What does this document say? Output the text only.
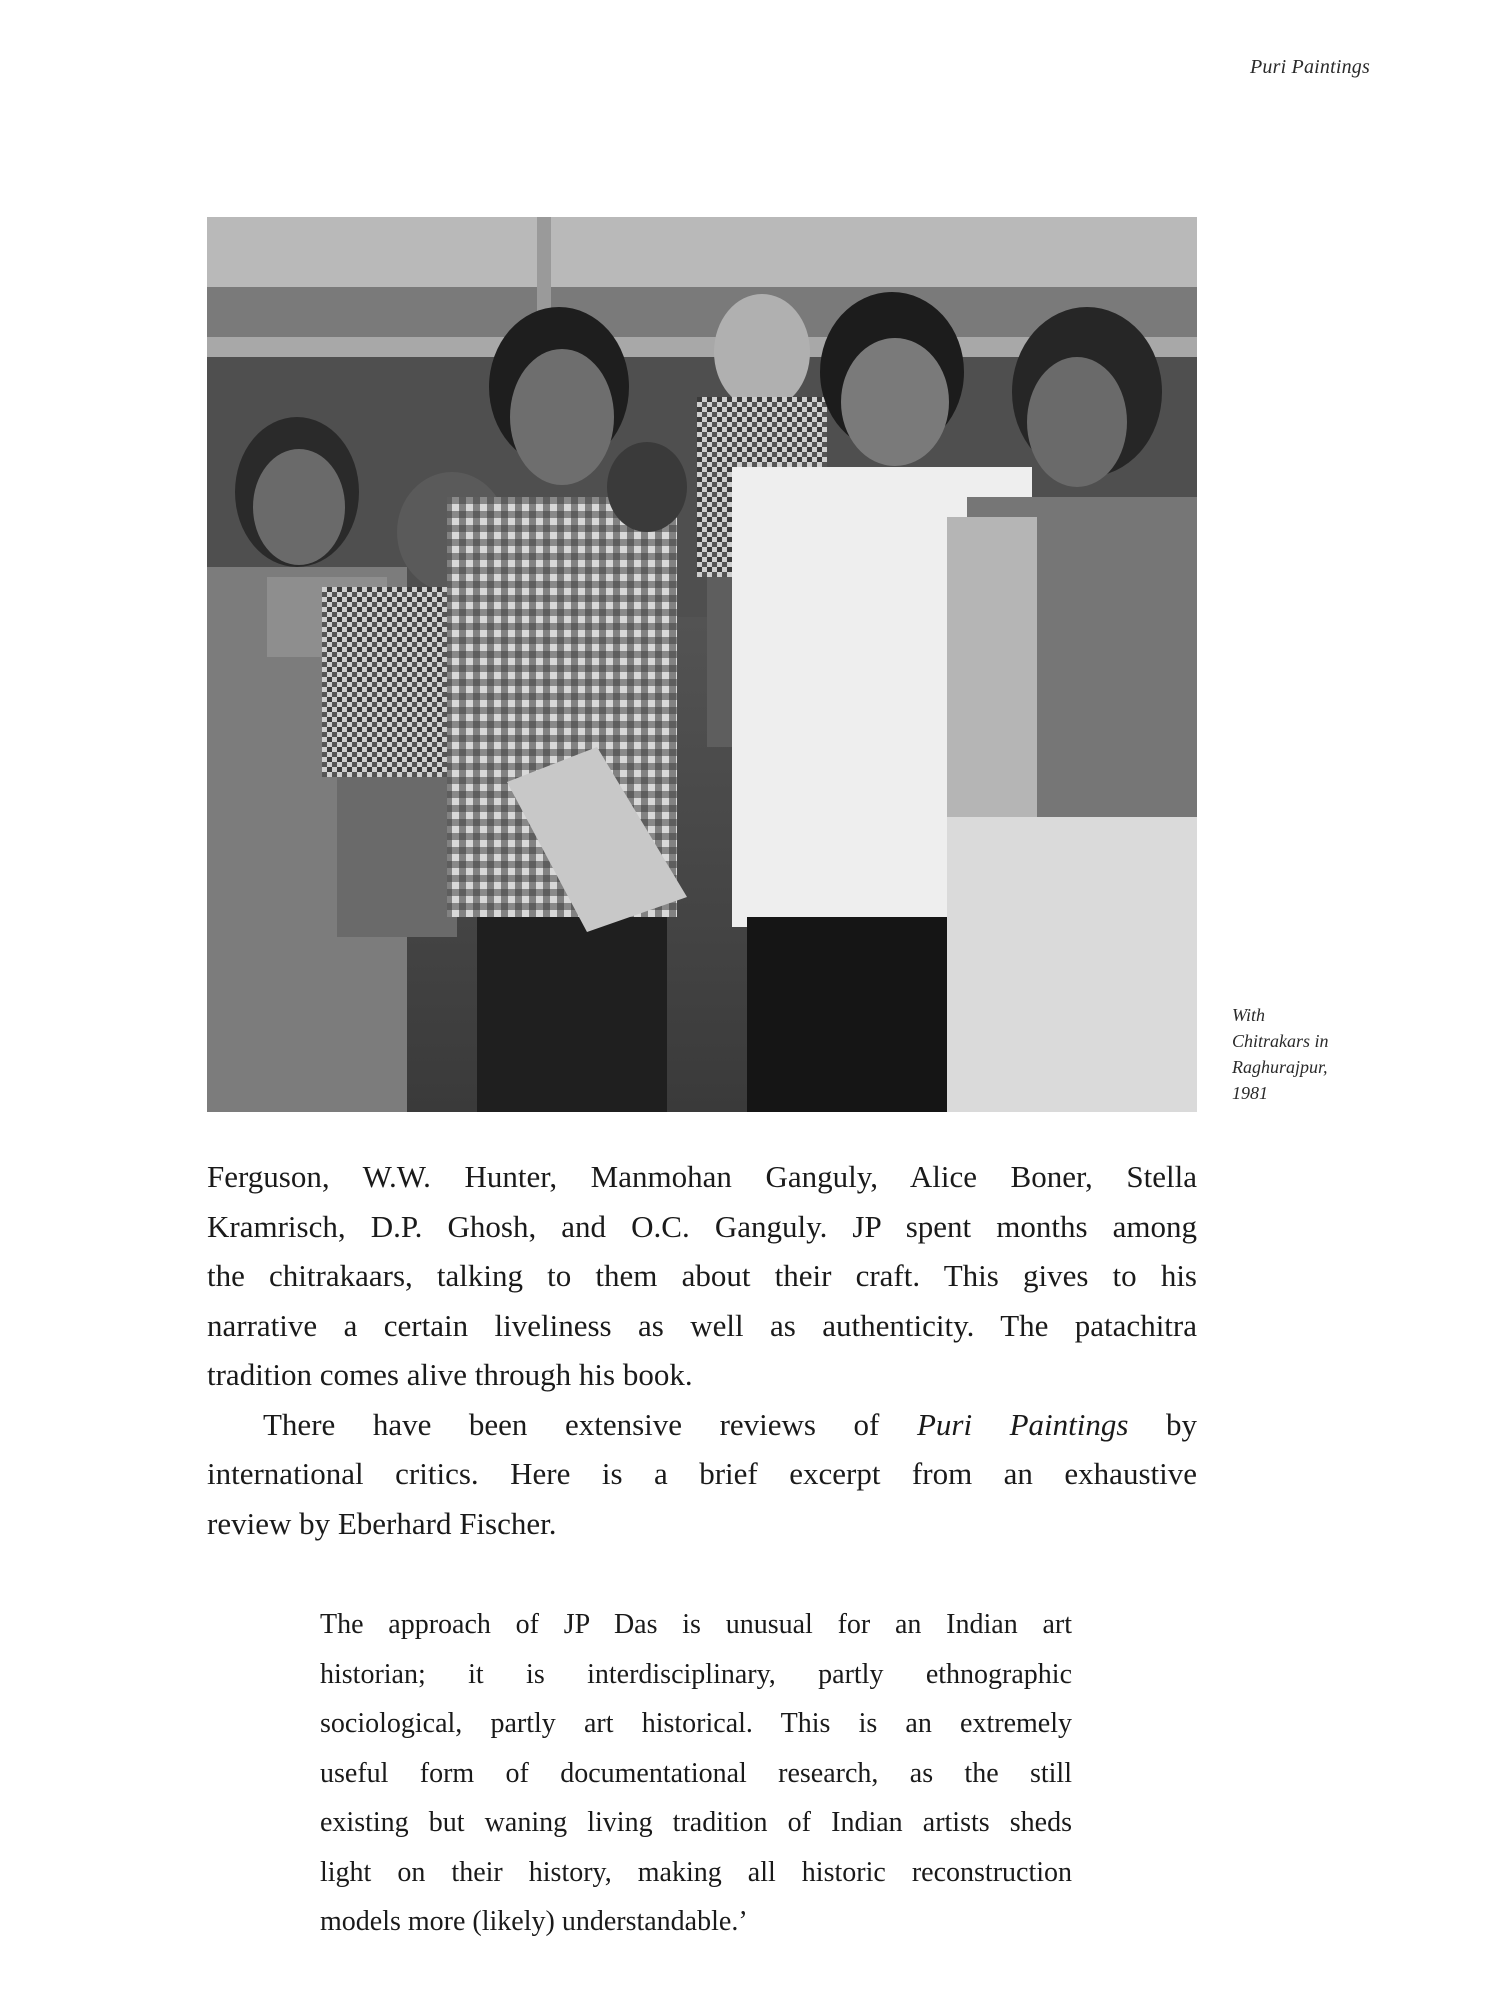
Puri Paintings
With
Chitrakars in
Raghurajpur,
1981
Ferguson, W.W. Hunter, Manmohan Ganguly, Alice Boner, Stella
Kramrisch, D.P. Ghosh, and O.C. Ganguly. JP spent months among
the chitrakaars, talking to them about their craft. This gives to his
narrative a certain liveliness as well as authenticity. The patachitra
tradition comes alive through his book.
There have been extensive reviews of Puri Paintings by
international critics. Here is a brief excerpt from an exhaustive
review by Eberhard Fischer.
The approach of JP Das is unusual for an Indian art
historian; it is interdisciplinary, partly ethnographic
sociological, partly art historical. This is an extremely
useful form of documentational research, as the still
existing but waning living tradition of Indian artists sheds
light on their history, making all historic reconstruction
models more (likely) understandable.’
